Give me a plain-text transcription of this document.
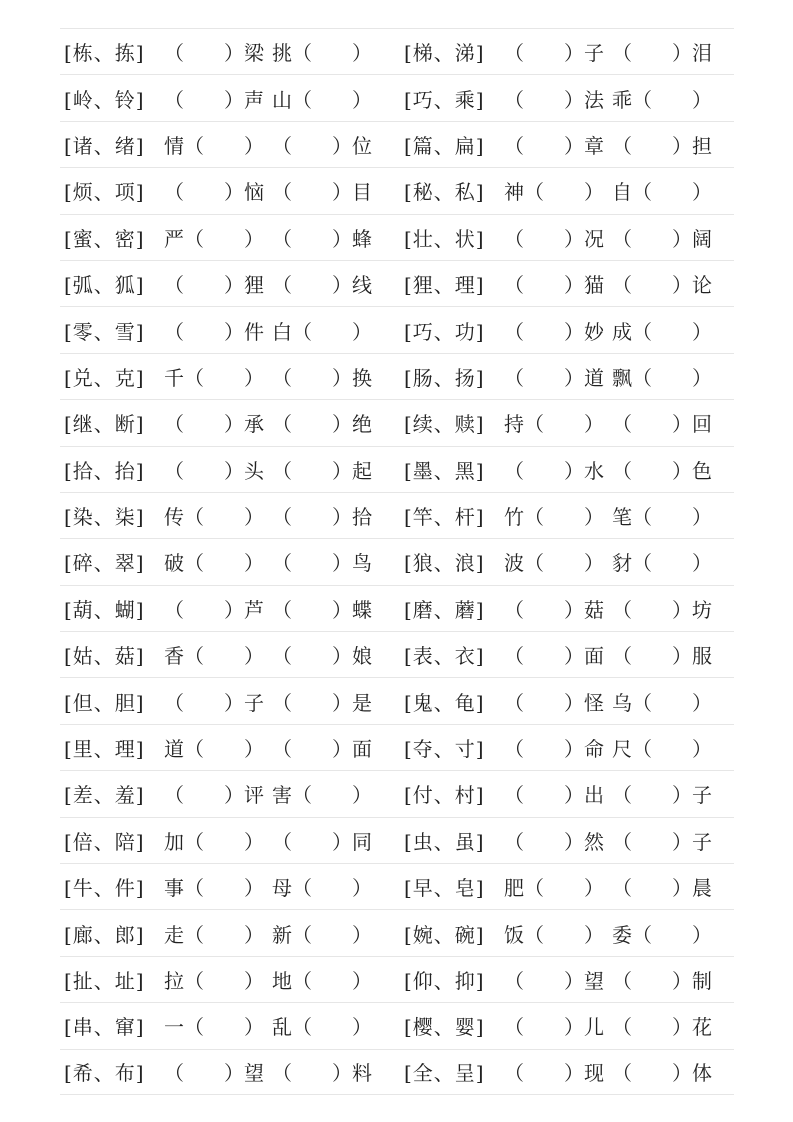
[栋、拣] （　　）梁 挑（　　） [梯、涕] （　　）子 （　　）泪
[岭、铃] （　　）声 山（　　） [巧、乘] （　　）法 乖（　　）
[诸、绪] 情（　　） （　　）位 [篇、扁] （　　）章 （　　）担
[烦、项] （　　）恼 （　　）目 [秘、私] 神（　　） 自（　　）
[蜜、密] 严（　　） （　　）蜂 [壮、状] （　　）况 （　　）阔
[弧、狐] （　　）狸 （　　）线 [狸、理] （　　）猫 （　　）论
[零、雪] （　　）件 白（　　） [巧、功] （　　）妙 成（　　）
[兑、克] 千（　　） （　　）换 [肠、扬] （　　）道 飘（　　）
[继、断] （　　）承 （　　）绝 [续、赎] 持（　　） （　　）回
[拾、抬] （　　）头 （　　）起 [墨、黑] （　　）水 （　　）色
[染、柒] 传（　　） （　　）拾 [竿、杆] 竹（　　） 笔（　　）
[碎、翠] 破（　　） （　　）鸟 [狼、浪] 波（　　） 豺（　　）
[葫、蝴] （　　）芦 （　　）蝶 [磨、蘑] （　　）菇 （　　）坊
[姑、菇] 香（　　） （　　）娘 [表、衣] （　　）面 （　　）服
[但、胆] （　　）子 （　　）是 [鬼、龟] （　　）怪 乌（　　）
[里、理] 道（　　） （　　）面 [夺、寸] （　　）命 尺（　　）
[差、羞] （　　）评 害（　　） [付、村] （　　）出 （　　）子
[倍、陪] 加（　　） （　　）同 [虫、虽] （　　）然 （　　）子
[牛、件] 事（　　） 母（　　） [早、皂] 肥（　　） （　　）晨
[廊、郎] 走（　　） 新（　　） [婉、碗] 饭（　　） 委（　　）
[扯、址] 拉（　　） 地（　　） [仰、抑] （　　）望 （　　）制
[串、窜] 一（　　） 乱（　　） [樱、婴] （　　）儿 （　　）花
[希、布] （　　）望 （　　）料 [全、呈] （　　）现 （　　）体
